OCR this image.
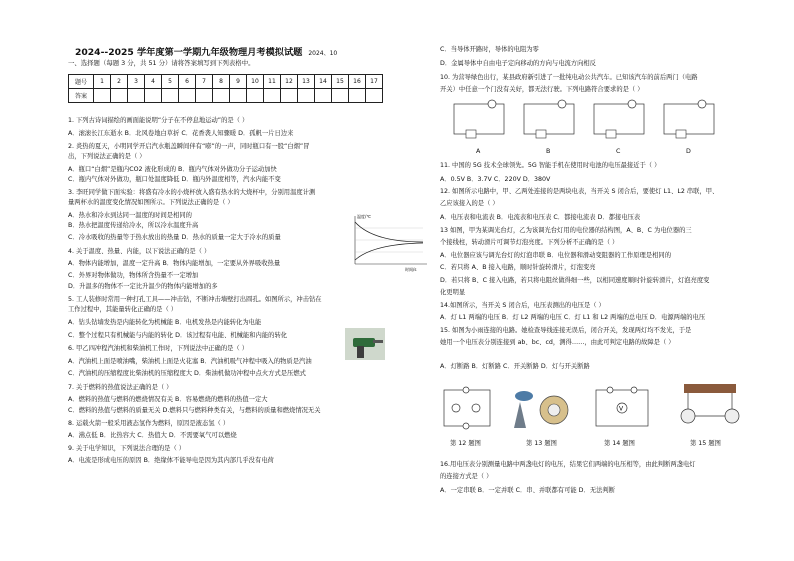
2024--2025 学年度第一学期九年级物理月考模拟试题 2024、10
一、选择题（每题 3 分，共 51 分）请将答案填写到下列表格中。
题号	1	2	3	4	5	6	7	8	9	10	11	12	13	14	15	16	17
答案																	
温度/℃
时间/s
V
1. 下列古诗词描绘的画面能说明“分子在不停息地运动”的是（ ）
A．滚滚长江东逝水 B．北风卷地白草折 C．花香袭人知骤暖 D．孤帆一片日边来
2. 炎热的夏天，小明同学开启汽水瓶盖瞬间伴有“嘭”的一声，同时瓶口有一股“白烟”冒
出，下列说法正确的是（ ）
A．瓶口“白烟”是瓶内CO2 液化形成的 B．瓶内气体对外做功分子运动加快
C．瓶内气体对外做功，瓶口处温度降低 D．瓶内外温度相等，汽水内能不变
3. 李旺同学做下面实验：将盛有冷水的小烧杯放入盛有热水的大烧杯中，分别用温度计测
量两杯水的温度变化情况如图所示。下列说法正确的是（ ）
A．热水和冷水到达同一温度的时间是相同的
B．热水把温度传递给冷水，所以冷水温度升高
C．冷水吸收的热量等于热水放出的热量 D．热水的质量一定大于冷水的质量
4. 关于温度、热量、内能，以下说法正确的是（ ）
A．物体内能增加，温度一定升高 B．物体内能增加，一定要从外界吸收热量
C．外界对物体做功，物体所含热量不一定增加
D．升温多的物体不一定比升温少的物体内能增加的多
5. 工人装修时常用一种打孔工具——冲击钻，不断冲击墙壁打出圆孔。如图所示，冲击钻在
工作过程中，其能量转化正确的是（ ）
A．钻头钻墙发热是内能转化为机械能 B．电机发热是内能转化为电能
C．整个过程只有机械能与内能的转化 D．该过程有电能、机械能和内能的转化
6. 甲乙四冲程汽油机和柴油机工作时，下列说法中正确的是（ ）
A．汽油机上面是喷油嘴，柴油机上面是火花塞 B．汽油机吸气冲程中吸入的物质是汽油
C．汽油机的压缩程度比柴油机的压缩程度大 D．柴油机做功冲程中点火方式是压燃式
7. 关于燃料的热值说法正确的是（ ）
A．燃料的热值与燃料的燃烧情况有关 B．容易燃烧的燃料的热值一定大
C．燃料的热值与燃料的质量无关 D.燃料只与燃料种类有关，与燃料的质量和燃烧情况无关
8. 运载火箭一般采用液态氢作为燃料，原因是液态氢（ ）
A．沸点低 B．比热容大 C．热值大 D．不需要氧气可以燃烧
9. 关于电学知识，下列说法合理的是（ ）
A．电流是形成电压的原因 B．绝缘体不能导电是因为其内部几乎没有电荷
C．当导体开路时，导体的电阻为零
D．金属导体中自由电子定向移动的方向与电流方向相反
10. 为营导绿色出行，某县政府新引进了一批纯电动公共汽车。已知该汽车的前后两门（电路
开关）中任意一个门没有关好，都无法行驶。下列电路符合要求的是（ ）
11. 中国的 5G 技术全球领先。5G 智能手机在使用时电池的电压最接近于（ ）
A．0.5V B．3.7V C．220V D．380V
12. 如图所示电路中，甲、乙两处连接的是两块电表，当开关 S 闭合后，要使灯 L1、L2 串联，甲、
乙应该接入的是（ ）
A．电压表和电流表 B．电流表和电压表 C．都接电流表 D．都接电压表
13 如图，甲为某调光台灯，乙为该调光台灯用的电位器的结构图，A、B、C 为电位器的三
个接线柱，转动滑片可调节灯泡亮度。下列分析不正确的是（ ）
A．电位器应该与调光台灯的灯泡串联 B．电位器和滑动变阻器的工作原理是相同的
C．若只将 A、B 接入电路，顺时针旋转滑片，灯泡变亮
D．若只将 B、C 接入电路，若只将电阻丝做得细一些，以相同速度顺时针旋转滑片，灯泡亮度变
化更明显
14.如图所示，当开关 S 闭合后，电压表测出的电压是（ ）
A．灯 L1 两端的电压 B．灯 L2 两端的电压 C．灯 L1 和 L2 两端的总电压 D．电源两端的电压
15. 如图为小雨连接的电路。她检查导线连接无误后，闭合开关，发现两灯均不发光，于是
她用一个电压表分别连接到 ab、bc、cd，测得……，由此可判定电路的故障是（ ）
A．灯断路 B．灯断路 C．开关断路 D．灯与开关断路
16.用电压表分别测量电路中两盏电灯的电压，结果它们两端的电压相等，由此判断两盏电灯
的连接方式是（ ）
A．一定串联 B．一定并联 C．串、并联都有可能 D．无法判断
A	B	C	D
第 12 题图	第 13 题图	第 14 题图	第 15 题图
